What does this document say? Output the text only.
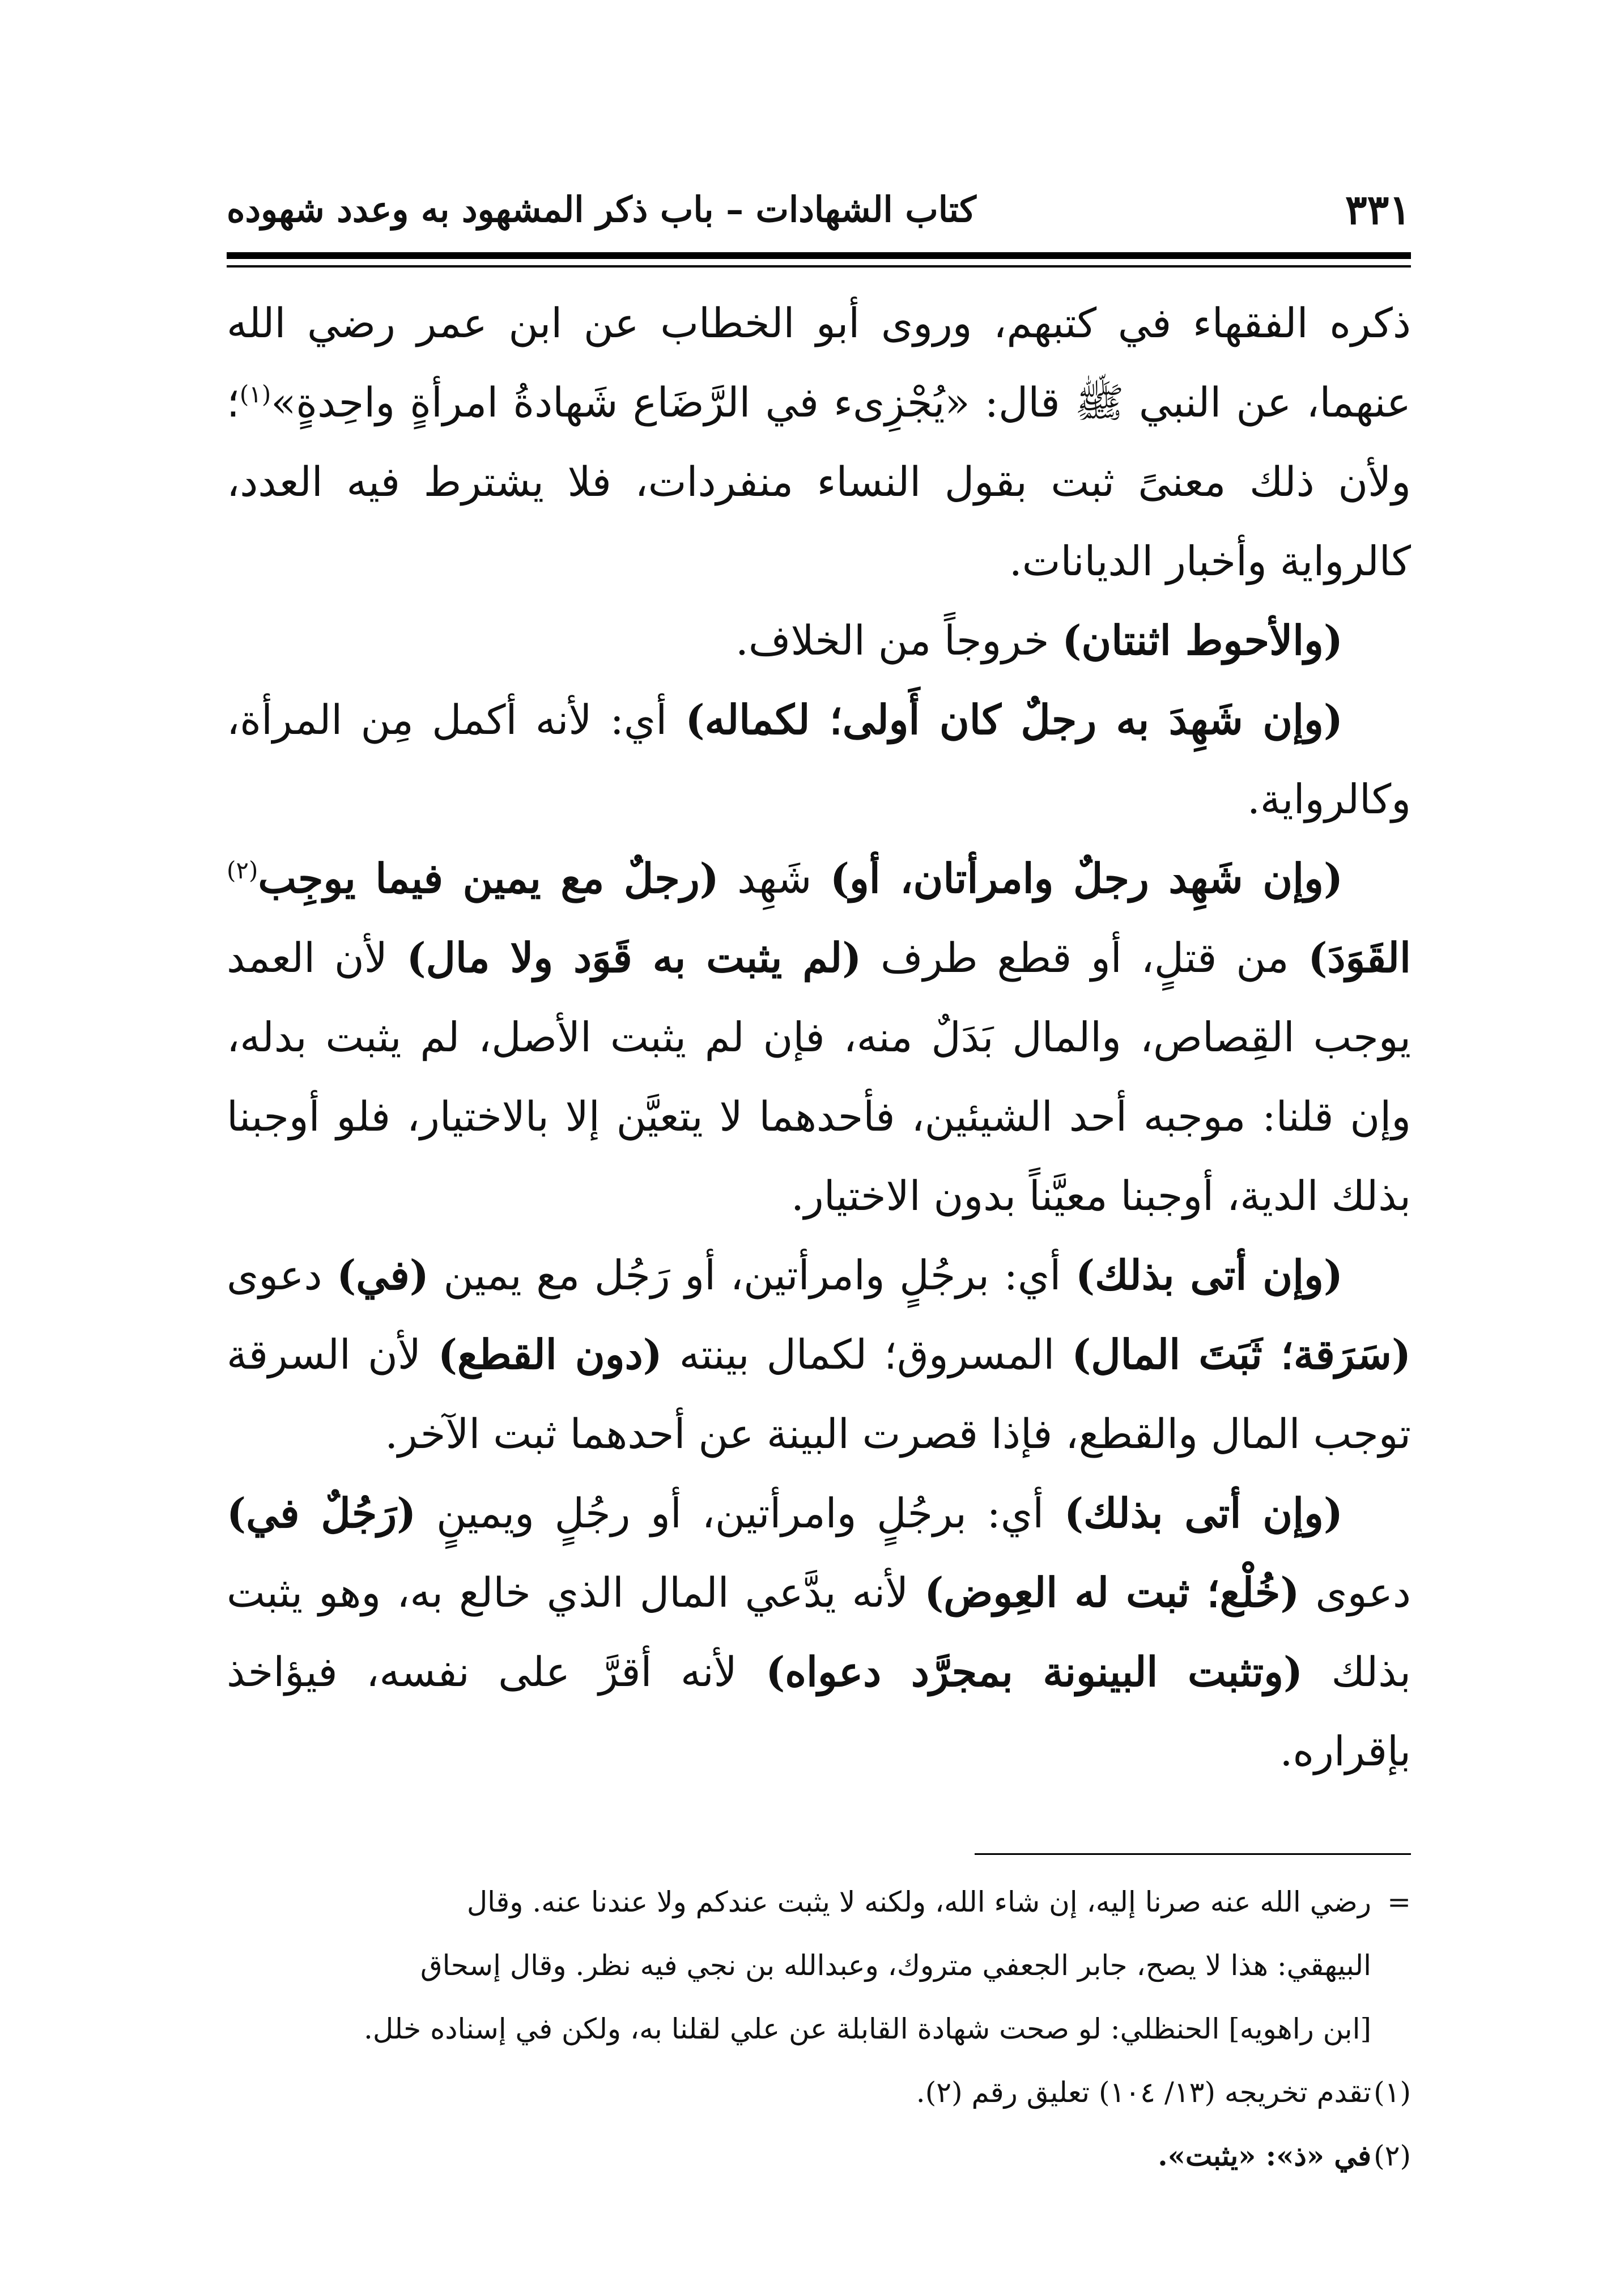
٣٣١
كتاب الشهادات – باب ذكر المشهود به وعدد شهوده

ذكره الفقهاء في كتبهم، وروى أبو الخطاب عن ابن عمر رضي الله عنهما، عن النبي ﷺ قال: «يُجْزِىء في الرَّضَاع شَهادةُ امرأةٍ واحِدةٍ»$^{(١)}$؛ ولأن ذلك معنىً ثبت بقول النساء منفردات، فلا يشترط فيه العدد، كالرواية وأخبار الديانات.

(والأحوط اثنتان) خروجاً من الخلاف.

(وإن شَهِدَ به رجلٌ كان أَولى؛ لكماله) أي: لأنه أكمل مِن المرأة، وكالرواية.

(وإن شَهِد رجلٌ وامرأتان، أو) شَهِد (رجلٌ مع يمين فيما يوجِب$^{(٢)}$ القَوَدَ) من قتلٍ، أو قطع طرف (لم يثبت به قَوَد ولا مال) لأن العمد يوجب القِصاص، والمال بَدَلٌ منه، فإن لم يثبت الأصل، لم يثبت بدله، وإن قلنا: موجبه أحد الشيئين، فأحدهما لا يتعيَّن إلا بالاختيار، فلو أوجبنا بذلك الدية، أوجبنا معيَّناً بدون الاختيار.

(وإن أتى بذلك) أي: برجُلٍ وامرأتين، أو رَجُل مع يمين (في) دعوى (سَرَقة؛ ثَبَتَ المال) المسروق؛ لكمال بينته (دون القطع) لأن السرقة توجب المال والقطع، فإذا قصرت البينة عن أحدهما ثبت الآخر.

(وإن أتى بذلك) أي: برجُلٍ وامرأتين، أو رجُلٍ ويمينٍ (رَجُلٌ في) دعوى (خُلْع؛ ثبت له العِوض) لأنه يدَّعي المال الذي خالع به، وهو يثبت بذلك (وتثبت البينونة بمجرَّد دعواه) لأنه أقرَّ على نفسه، فيؤاخذ بإقراره.

=رضي الله عنه صرنا إليه، إن شاء الله، ولكنه لا يثبت عندكم ولا عندنا عنه. وقال

البيهقي: هذا لا يصح، جابر الجعفي متروك، وعبدالله بن نجي فيه نظر. وقال إسحاق

[ابن راهويه] الحنظلي: لو صحت شهادة القابلة عن علي لقلنا به، ولكن في إسناده خلل.

(١)تقدم تخريجه (١٣/ ١٠٤) تعليق رقم (٢).

(٢)في «ذ»: «يثبت».
